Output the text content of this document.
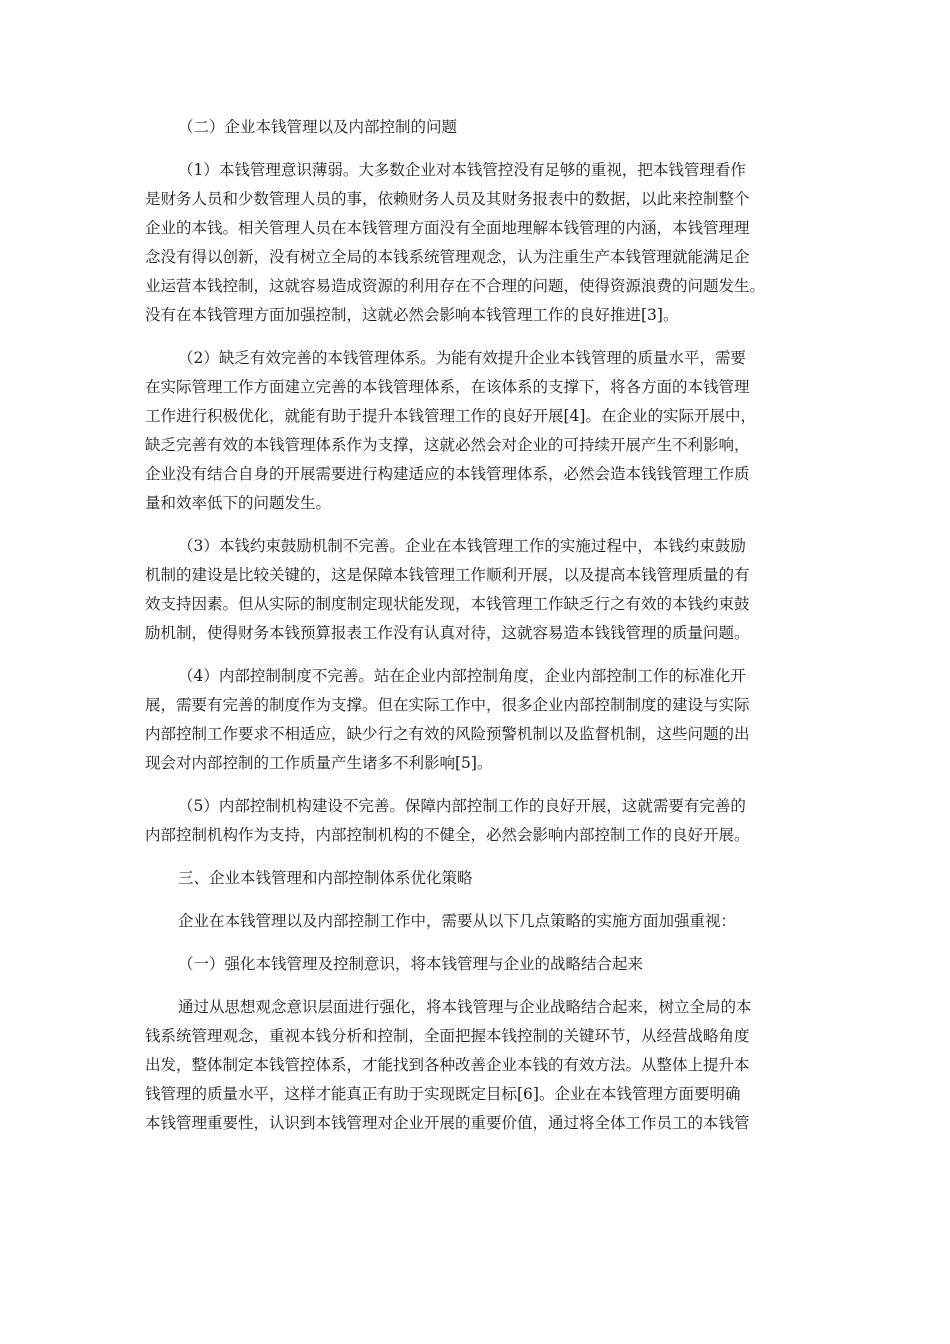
（二）企业本钱管理以及内部控制的问题
（1）本钱管理意识薄弱。大多数企业对本钱管控没有足够的重视，把本钱管理看作
是财务人员和少数管理人员的事，依赖财务人员及其财务报表中的数据，以此来控制整个
企业的本钱。相关管理人员在本钱管理方面没有全面地理解本钱管理的内涵，本钱管理理
念没有得以创新，没有树立全局的本钱系统管理观念，认为注重生产本钱管理就能满足企
业运营本钱控制，这就容易造成资源的利用存在不合理的问题，使得资源浪费的问题发生。
没有在本钱管理方面加强控制，这就必然会影响本钱管理工作的良好推进[3]。
（2）缺乏有效完善的本钱管理体系。为能有效提升企业本钱管理的质量水平，需要
在实际管理工作方面建立完善的本钱管理体系，在该体系的支撑下，将各方面的本钱管理
工作进行积极优化，就能有助于提升本钱管理工作的良好开展[4]。在企业的实际开展中，
缺乏完善有效的本钱管理体系作为支撑，这就必然会对企业的可持续开展产生不利影响，
企业没有结合自身的开展需要进行构建适应的本钱管理体系，必然会造本钱钱管理工作质
量和效率低下的问题发生。
（3）本钱约束鼓励机制不完善。企业在本钱管理工作的实施过程中，本钱约束鼓励
机制的建设是比较关键的，这是保障本钱管理工作顺利开展，以及提高本钱管理质量的有
效支持因素。但从实际的制度制定现状能发现，本钱管理工作缺乏行之有效的本钱约束鼓
励机制，使得财务本钱预算报表工作没有认真对待，这就容易造本钱钱管理的质量问题。
（4）内部控制制度不完善。站在企业内部控制角度，企业内部控制工作的标准化开
展，需要有完善的制度作为支撑。但在实际工作中，很多企业内部控制制度的建设与实际
内部控制工作要求不相适应，缺少行之有效的风险预警机制以及监督机制，这些问题的出
现会对内部控制的工作质量产生诸多不利影响[5]。
（5）内部控制机构建设不完善。保障内部控制工作的良好开展，这就需要有完善的
内部控制机构作为支持，内部控制机构的不健全，必然会影响内部控制工作的良好开展。
三、企业本钱管理和内部控制体系优化策略
企业在本钱管理以及内部控制工作中，需要从以下几点策略的实施方面加强重视：
（一）强化本钱管理及控制意识，将本钱管理与企业的战略结合起来
通过从思想观念意识层面进行强化，将本钱管理与企业战略结合起来，树立全局的本
钱系统管理观念，重视本钱分析和控制，全面把握本钱控制的关键环节，从经营战略角度
出发，整体制定本钱管控体系，才能找到各种改善企业本钱的有效方法。从整体上提升本
钱管理的质量水平，这样才能真正有助于实现既定目标[6]。企业在本钱管理方面要明确
本钱管理重要性，认识到本钱管理对企业开展的重要价值，通过将全体工作员工的本钱管
